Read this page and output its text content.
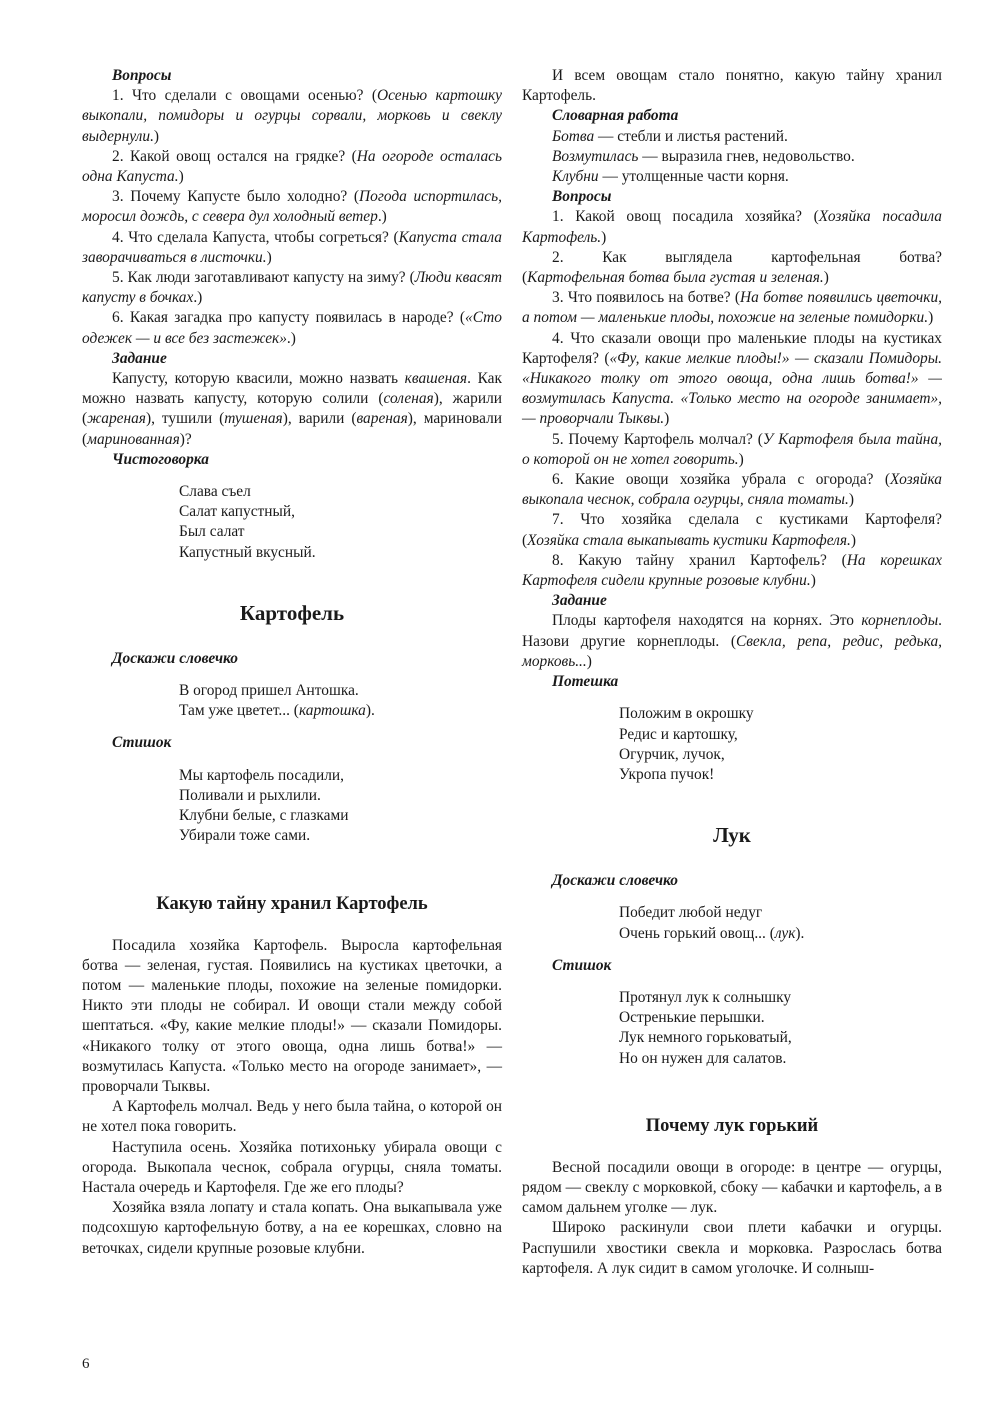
Вопросы

1. Что сделали с овощами осенью? (Осенью картошку выкопали, помидоры и огурцы сорвали, морковь и свеклу выдернули.)

2. Какой овощ остался на грядке? (На огороде осталась одна Капуста.)

3. Почему Капусте было холодно? (Погода испортилась, моросил дождь, с севера дул холодный ветер.)

4. Что сделала Капуста, чтобы согреться? (Капуста стала заворачиваться в листочки.)

5. Как люди заготавливают капусту на зиму? (Люди квасят капусту в бочках.)

6. Какая загадка про капусту появилась в народе? («Сто одежек — и все без застежек».)

Задание

Капусту, которую квасили, можно назвать квашеная. Как можно назвать капусту, которую солили (соленая), жарили (жареная), тушили (тушеная), варили (вареная), мариновали (маринованная)?

Чистоговорка
Слава съел
Салат капустный,
Был салат
Капустный вкусный.
Картофель
Доскажи словечко
В огород пришел Антошка.
Там уже цветет... (картошка).
Стишок
Мы картофель посадили,
Поливали и рыхлили.
Клубни белые, с глазками
Убирали тоже сами.
Какую тайну хранил Картофель

Посадила хозяйка Картофель. Выросла картофельная ботва — зеленая, густая. Появились на кустиках цветочки, а потом — маленькие плоды, похожие на зеленые помидорки. Никто эти плоды не собирал. И овощи стали между собой шептаться. «Фу, какие мелкие плоды!» — сказали Помидоры. «Никакого толку от этого овоща, одна лишь ботва!» — возмутилась Капуста. «Только место на огороде занимает», — проворчали Тыквы.

А Картофель молчал. Ведь у него была тайна, о которой он не хотел пока говорить.

Наступила осень. Хозяйка потихоньку убирала овощи с огорода. Выкопала чеснок, собрала огурцы, сняла томаты. Настала очередь и Картофеля. Где же его плоды?

Хозяйка взяла лопату и стала копать. Она выкапывала уже подсохшую картофельную ботву, а на ее корешках, словно на веточках, сидели крупные розовые клубни.

И всем овощам стало понятно, какую тайну хранил Картофель.

Словарная работа

Ботва — стебли и листья растений.

Возмутилась — выразила гнев, недовольство.

Клубни — утолщенные части корня.

Вопросы

1. Какой овощ посадила хозяйка? (Хозяйка посадила Картофель.)

2. Как выглядела картофельная ботва?

(Картофельная ботва была густая и зеленая.)

3. Что появилось на ботве? (На ботве появились цветочки, а потом — маленькие плоды, похожие на зеленые помидорки.)

4. Что сказали овощи про маленькие плоды на кустиках Картофеля? («Фу, какие мелкие плоды!» — сказали Помидоры. «Никакого толку от этого овоща, одна лишь ботва!» — возмутилась Капуста. «Только место на огороде занимает», — проворчали Тыквы.)

5. Почему Картофель молчал? (У Картофеля была тайна, о которой он не хотел говорить.)

6. Какие овощи хозяйка убрала с огорода? (Хозяйка выкопала чеснок, собрала огурцы, сняла томаты.)

7. Что хозяйка сделала с кустиками Картофеля?

(Хозяйка стала выкапывать кустики Картофеля.)

8. Какую тайну хранил Картофель? (На корешках Картофеля сидели крупные розовые клубни.)

Задание

Плоды картофеля находятся на корнях. Это корнеплоды. Назови другие корнеплоды. (Свекла, репа, редис, редька, морковь...)

Потешка
Положим в окрошку
Редис и картошку,
Огурчик, лучок,
Укропа пучок!
Лук
Доскажи словечко
Победит любой недуг
Очень горький овощ... (лук).
Стишок
Протянул лук к солнышку
Остренькие перышки.
Лук немного горьковатый,
Но он нужен для салатов.
Почему лук горький

Весной посадили овощи в огороде: в центре — огурцы, рядом — свеклу с морковкой, сбоку — кабачки и картофель, а в самом дальнем уголке — лук.

Широко раскинули свои плети кабачки и огурцы. Распушили хвостики свекла и морковка. Разрослась ботва картофеля. А лук сидит в самом уголочке. И солныш-

6
